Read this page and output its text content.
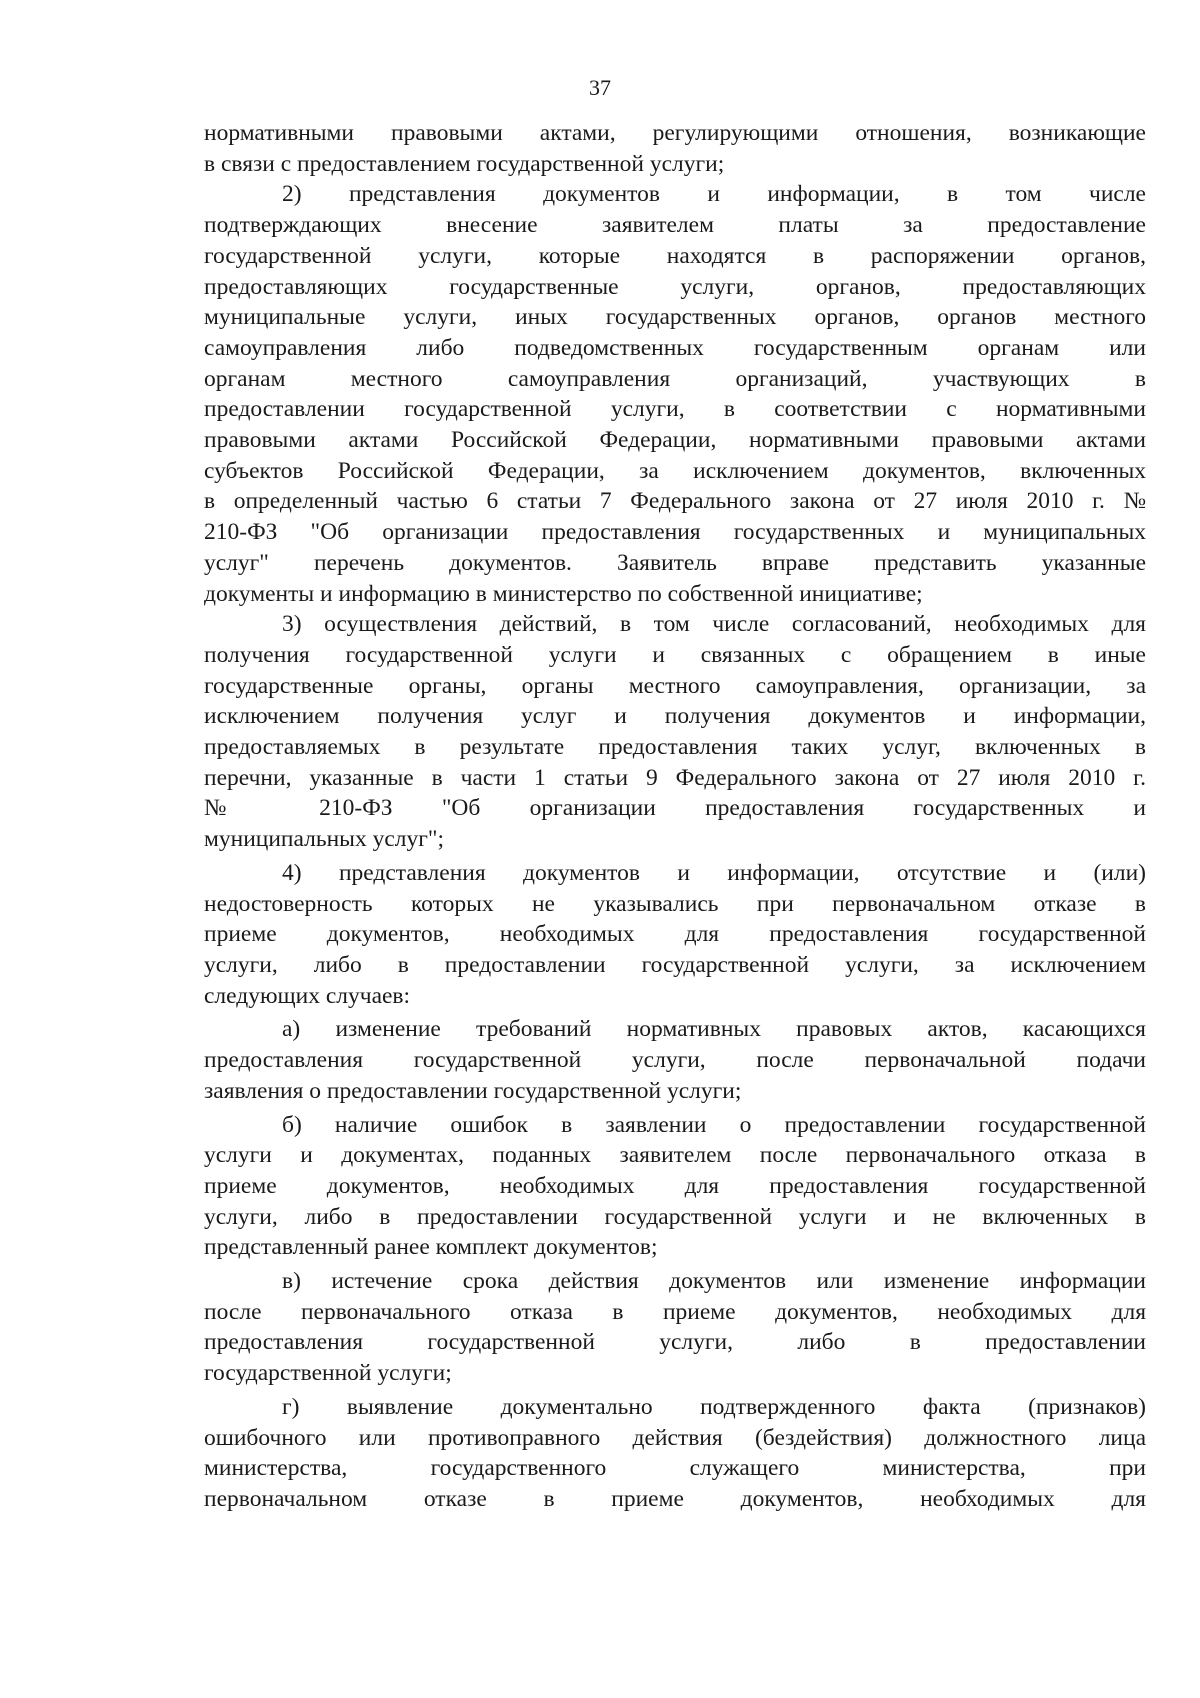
37
нормативными правовыми актами, регулирующими отношения, возникающие
в связи с предоставлением государственной услуги;
2) представления документов и информации, в том числе
подтверждающих внесение заявителем платы за предоставление
государственной услуги, которые находятся в распоряжении органов,
предоставляющих государственные услуги, органов, предоставляющих
муниципальные услуги, иных государственных органов, органов местного
самоуправления либо подведомственных государственным органам или
органам местного самоуправления организаций, участвующих в
предоставлении государственной услуги, в соответствии с нормативными
правовыми актами Российской Федерации, нормативными правовыми актами
субъектов Российской Федерации, за исключением документов, включенных
в определенный частью 6 статьи 7 Федерального закона от 27 июля 2010 г. №
210-ФЗ "Об организации предоставления государственных и муниципальных
услуг" перечень документов. Заявитель вправе представить указанные
документы и информацию в министерство по собственной инициативе;
3) осуществления действий, в том числе согласований, необходимых для
получения государственной услуги и связанных с обращением в иные
государственные органы, органы местного самоуправления, организации, за
исключением получения услуг и получения документов и информации,
предоставляемых в результате предоставления таких услуг, включенных в
перечни, указанные в части 1 статьи 9 Федерального закона от 27 июля 2010 г.
№ 210-ФЗ "Об организации предоставления государственных и
муниципальных услуг";
4) представления документов и информации, отсутствие и (или)
недостоверность которых не указывались при первоначальном отказе в
приеме документов, необходимых для предоставления государственной
услуги, либо в предоставлении государственной услуги, за исключением
следующих случаев:
а) изменение требований нормативных правовых актов, касающихся
предоставления государственной услуги, после первоначальной подачи
заявления о предоставлении государственной услуги;
б) наличие ошибок в заявлении о предоставлении государственной
услуги и документах, поданных заявителем после первоначального отказа в
приеме документов, необходимых для предоставления государственной
услуги, либо в предоставлении государственной услуги и не включенных в
представленный ранее комплект документов;
в) истечение срока действия документов или изменение информации
после первоначального отказа в приеме документов, необходимых для
предоставления государственной услуги, либо в предоставлении
государственной услуги;
г) выявление документально подтвержденного факта (признаков)
ошибочного или противоправного действия (бездействия) должностного лица
министерства, государственного служащего министерства, при
первоначальном отказе в приеме документов, необходимых для
